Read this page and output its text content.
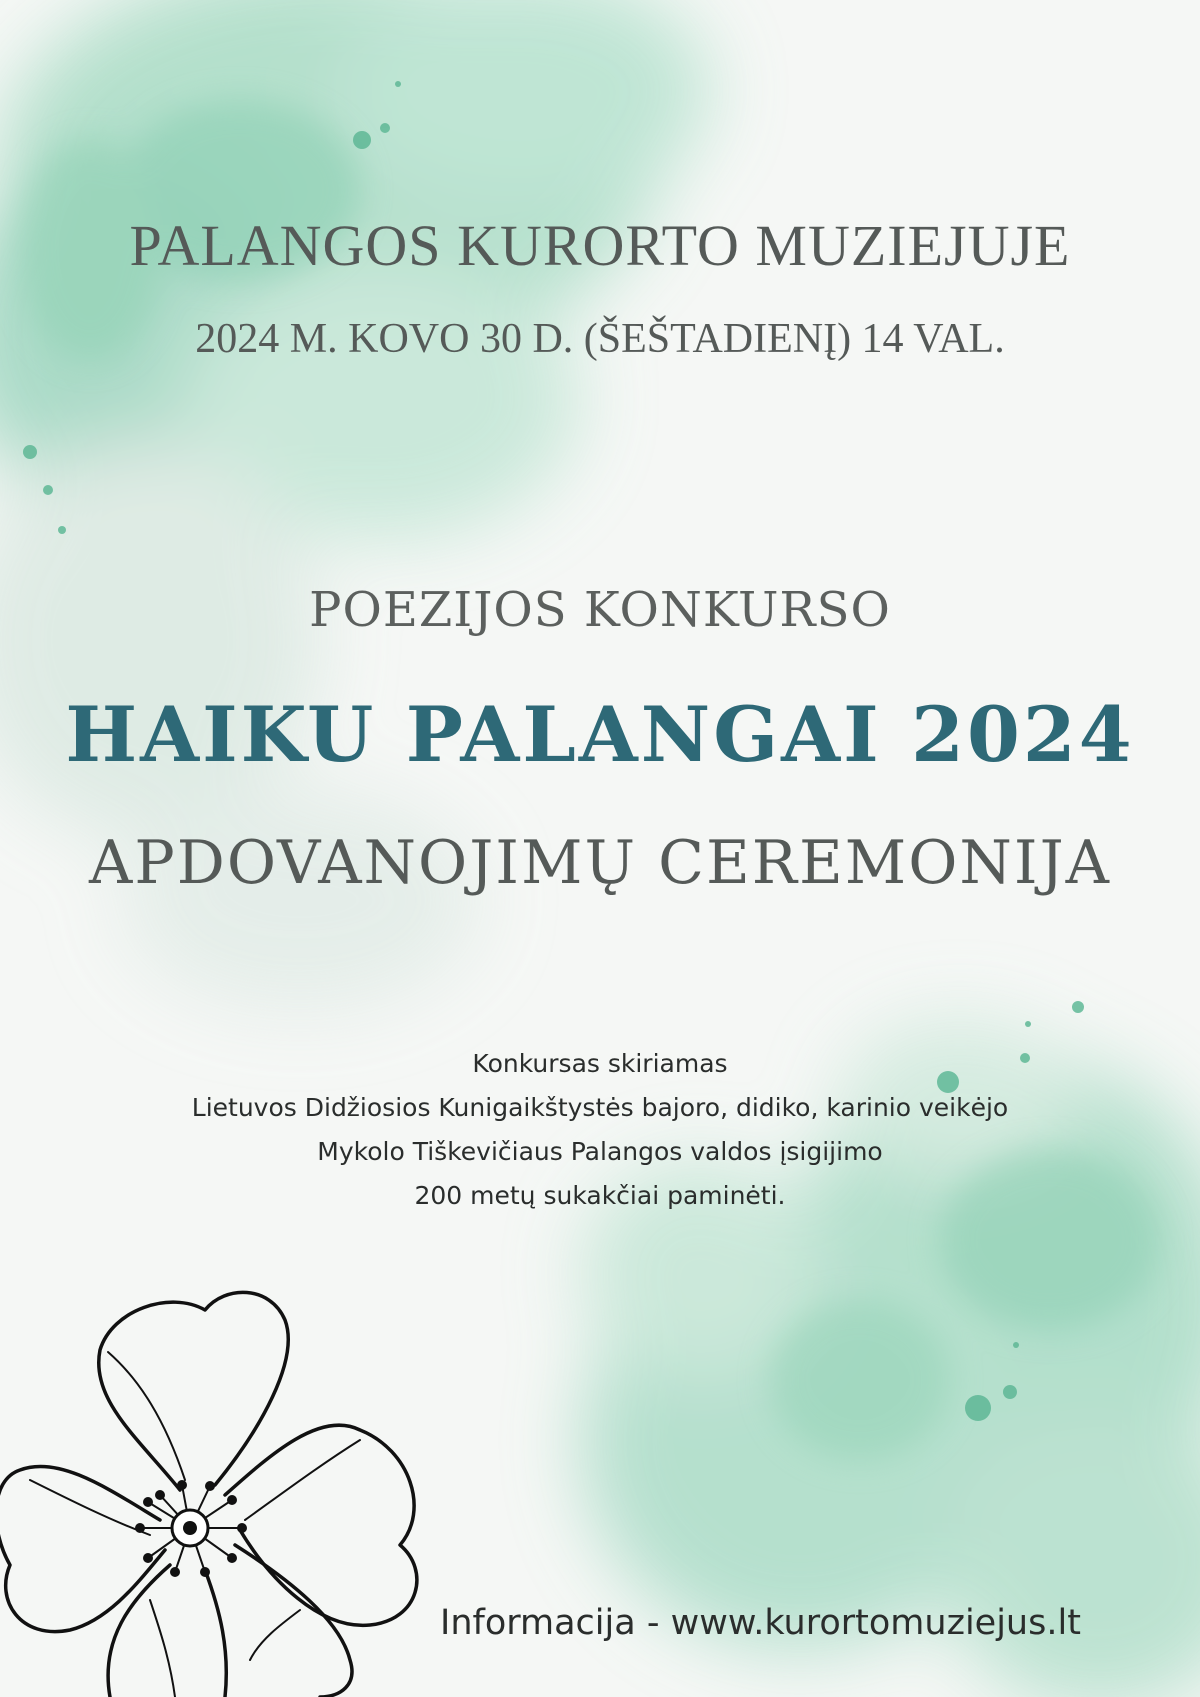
PALANGOS KURORTO MUZIEJUJE
2024 M. KOVO 30 D. (ŠEŠTADIENĮ) 14 VAL.
POEZIJOS KONKURSO
HAIKU PALANGAI 2024
APDOVANOJIMŲ CEREMONIJA
Konkursas skiriamas
Lietuvos Didžiosios Kunigaikštystės bajoro, didiko, karinio veikėjo
Mykolo Tiškevičiaus Palangos valdos įsigijimo
200 metų sukakčiai paminėti.
Informacija - www.kurortomuziejus.lt
